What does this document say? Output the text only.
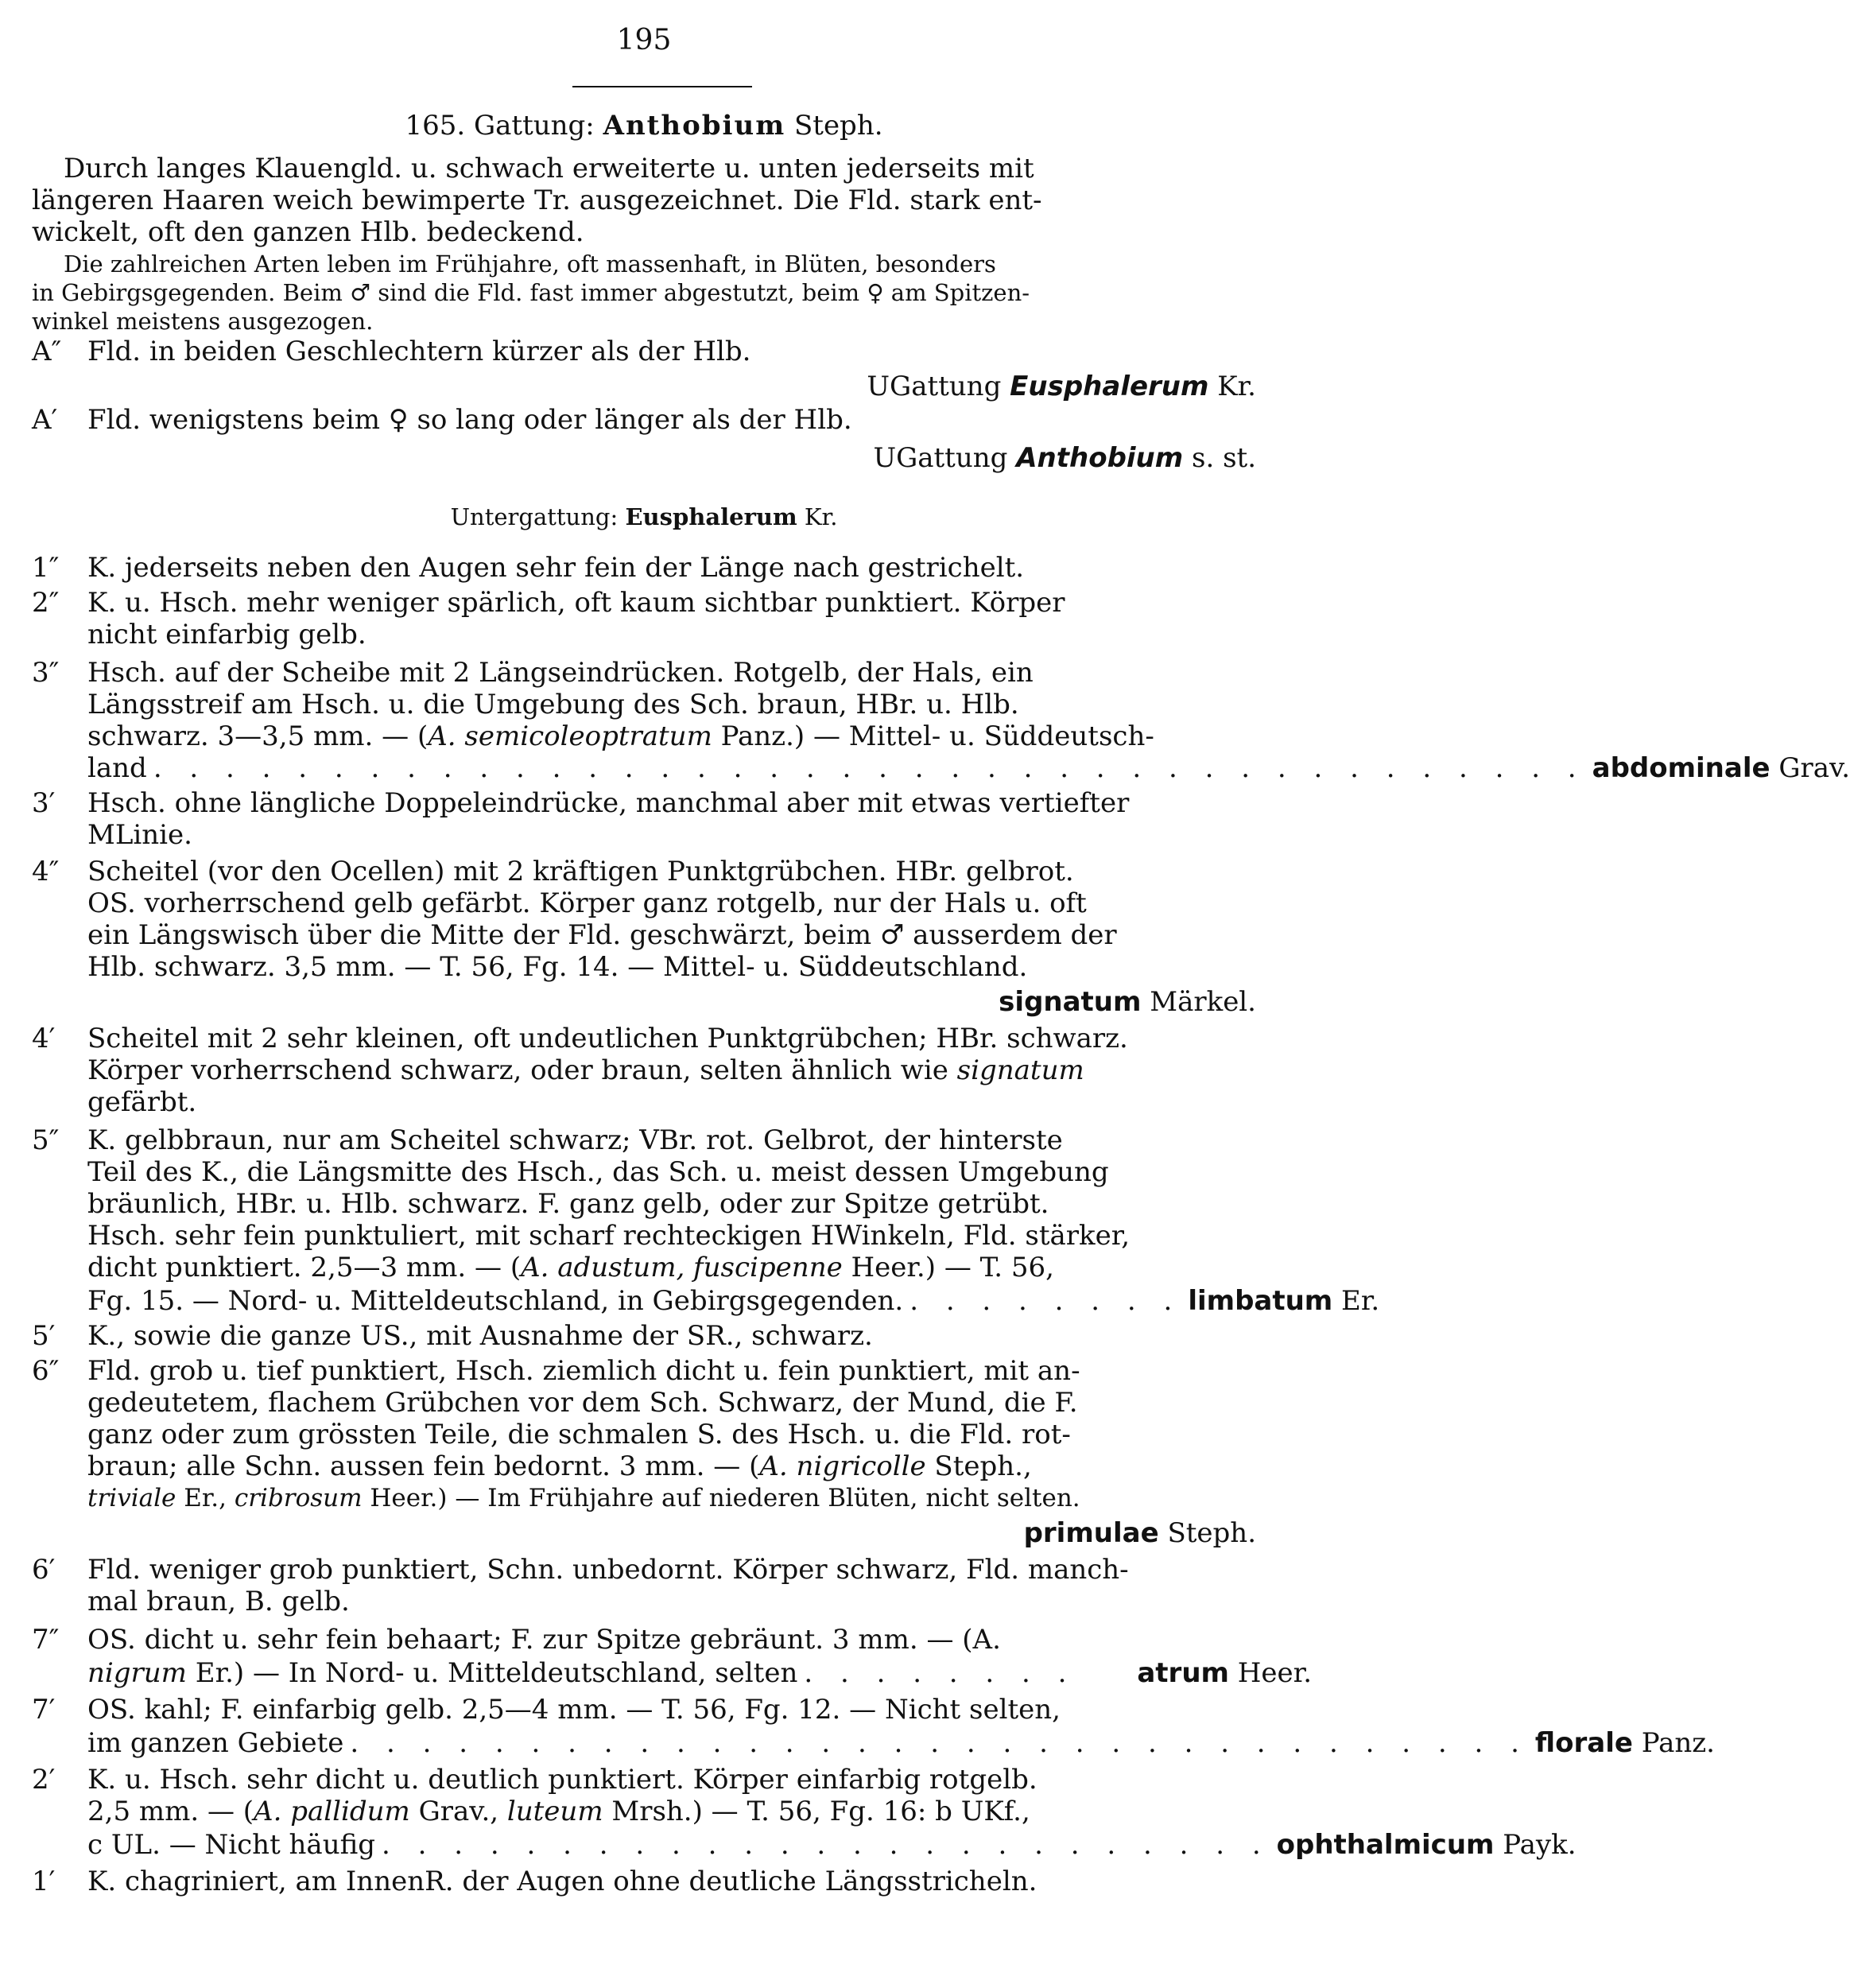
195
165. Gattung: Anthobium Steph.
Durch langes Klauengld. u. schwach erweiterte u. unten jederseits mit
längeren Haaren weich bewimperte Tr. ausgezeichnet. Die Fld. stark ent-
wickelt, oft den ganzen Hlb. bedeckend.
Die zahlreichen Arten leben im Frühjahre, oft massenhaft, in Blüten, besonders
in Gebirgsgegenden. Beim ♂ sind die Fld. fast immer abgestutzt, beim ♀ am Spitzen-
winkel meistens ausgezogen.
A″ Fld. in beiden Geschlechtern kürzer als der Hlb.
UGattung Eusphalerum Kr.
A′ Fld. wenigstens beim ♀ so lang oder länger als der Hlb.
UGattung Anthobium s. st.
Untergattung: Eusphalerum Kr.
1″ K. jederseits neben den Augen sehr fein der Länge nach gestrichelt.
2″ K. u. Hsch. mehr weniger spärlich, oft kaum sichtbar punktiert. Körper
nicht einfarbig gelb.
3″ Hsch. auf der Scheibe mit 2 Längseindrücken. Rotgelb, der Hals, ein
Längsstreif am Hsch. u. die Umgebung des Sch. braun, HBr. u. Hlb.
schwarz. 3—3,5 mm. — (A. semicoleoptratum Panz.) — Mittel- u. Süddeutsch-
land . . . . . . . . . . . . . . . . . . . . . . . . . . . . . . . . . . . . . . . . abdominale Grav.
3′ Hsch. ohne längliche Doppeleindrücke, manchmal aber mit etwas vertiefter
MLinie.
4″ Scheitel (vor den Ocellen) mit 2 kräftigen Punktgrübchen. HBr. gelbrot.
OS. vorherrschend gelb gefärbt. Körper ganz rotgelb, nur der Hals u. oft
ein Längswisch über die Mitte der Fld. geschwärzt, beim ♂ ausserdem der
Hlb. schwarz. 3,5 mm. — T. 56, Fg. 14. — Mittel- u. Süddeutschland.
signatum Märkel.
4′ Scheitel mit 2 sehr kleinen, oft undeutlichen Punktgrübchen; HBr. schwarz.
Körper vorherrschend schwarz, oder braun, selten ähnlich wie signatum
gefärbt.
5″ K. gelbbraun, nur am Scheitel schwarz; VBr. rot. Gelbrot, der hinterste
Teil des K., die Längsmitte des Hsch., das Sch. u. meist dessen Umgebung
bräunlich, HBr. u. Hlb. schwarz. F. ganz gelb, oder zur Spitze getrübt.
Hsch. sehr fein punktuliert, mit scharf rechteckigen HWinkeln, Fld. stärker,
dicht punktiert. 2,5—3 mm. — (A. adustum, fuscipenne Heer.) — T. 56,
Fg. 15. — Nord- u. Mitteldeutschland, in Gebirgsgegenden. . . . . . . . . limbatum Er.
5′ K., sowie die ganze US., mit Ausnahme der SR., schwarz.
6″ Fld. grob u. tief punktiert, Hsch. ziemlich dicht u. fein punktiert, mit an-
gedeutetem, flachem Grübchen vor dem Sch. Schwarz, der Mund, die F.
ganz oder zum grössten Teile, die schmalen S. des Hsch. u. die Fld. rot-
braun; alle Schn. aussen fein bedornt. 3 mm. — (A. nigricolle Steph.,
triviale Er., cribrosum Heer.) — Im Frühjahre auf niederen Blüten, nicht selten.
primulae Steph.
6′ Fld. weniger grob punktiert, Schn. unbedornt. Körper schwarz, Fld. manch-
mal braun, B. gelb.
7″ OS. dicht u. sehr fein behaart; F. zur Spitze gebräunt. 3 mm. — (A.
nigrum Er.) — In Nord- u. Mitteldeutschland, selten . . . . . . . .	atrum Heer.
7′ OS. kahl; F. einfarbig gelb. 2,5—4 mm. — T. 56, Fg. 12. — Nicht selten,
im ganzen Gebiete . . . . . . . . . . . . . . . . . . . . . . . . . . . . . . . . . florale Panz.
2′ K. u. Hsch. sehr dicht u. deutlich punktiert. Körper einfarbig rotgelb.
2,5 mm. — (A. pallidum Grav., luteum Mrsh.) — T. 56, Fg. 16: b UKf.,
c UL. — Nicht häufig . . . . . . . . . . . . . . . . . . . . . . . . . ophthalmicum Payk.
1′ K. chagriniert, am InnenR. der Augen ohne deutliche Längsstricheln.
